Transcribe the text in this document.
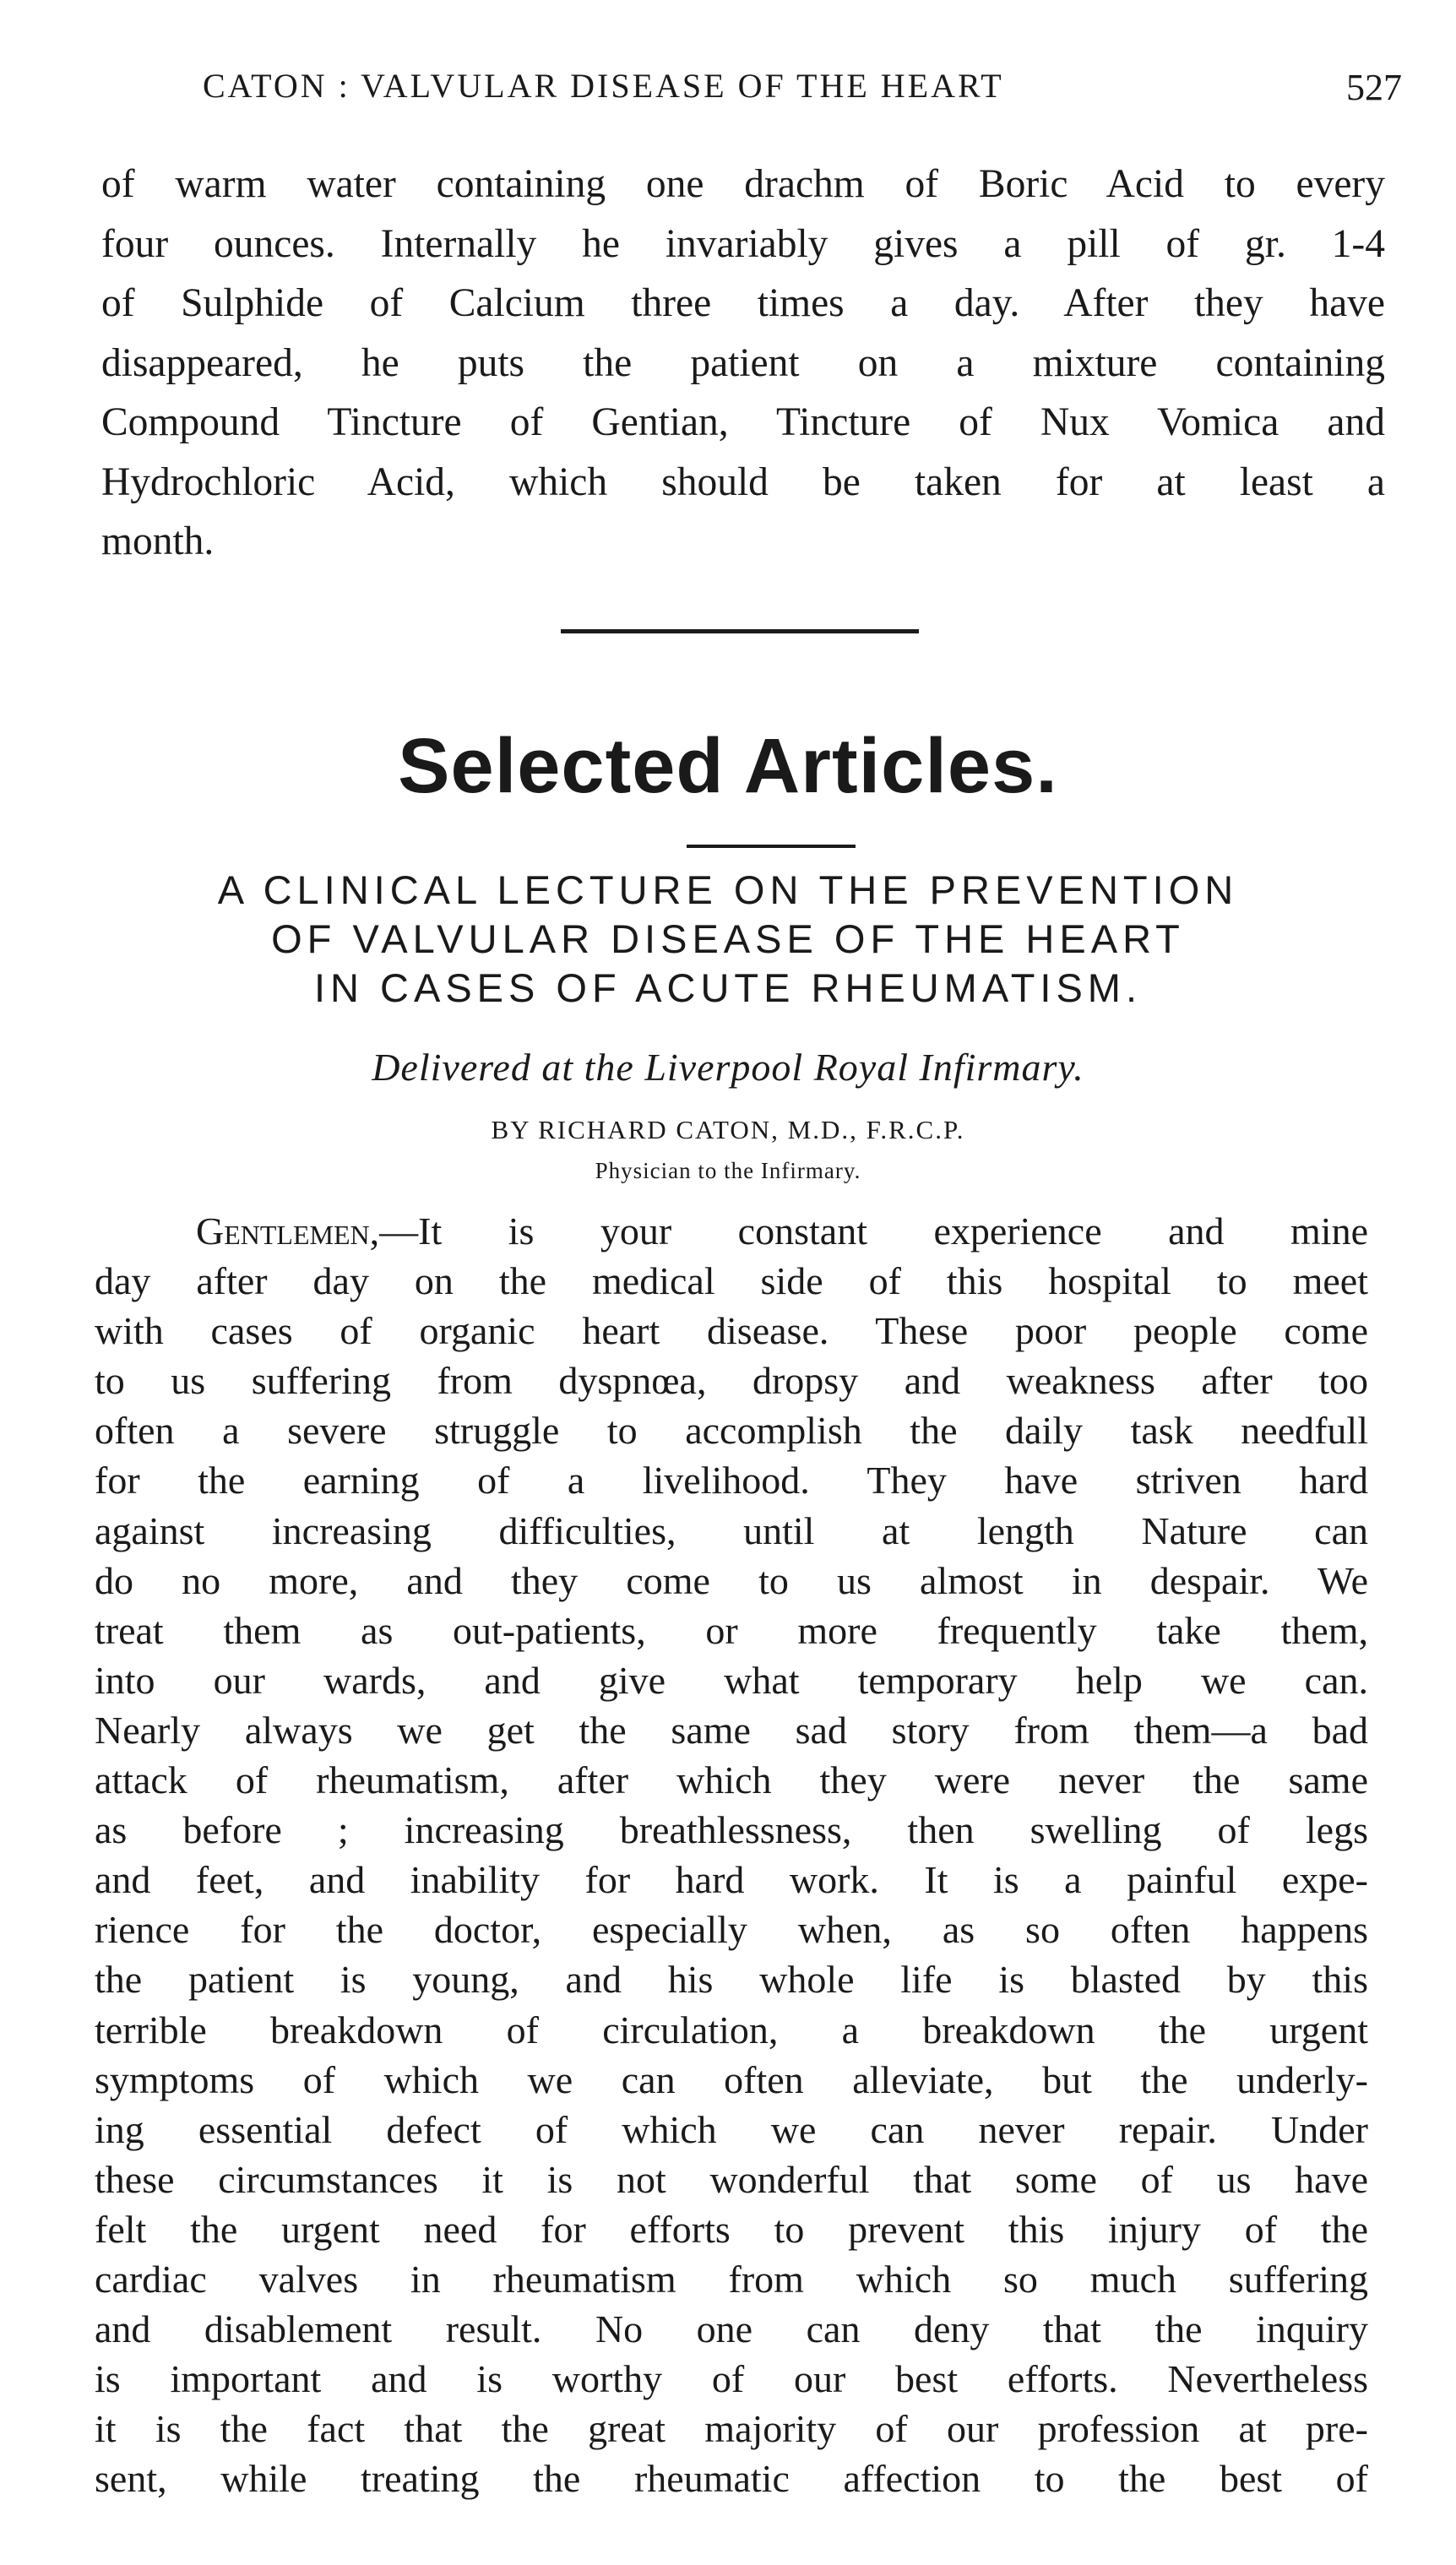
CATON : VALVULAR DISEASE OF THE HEART	527

of warm water containing one drachm of Boric Acid to every
four ounces. Internally he invariably gives a pill of gr. 1-4
of Sulphide of Calcium three times a day. After they have
disappeared, he puts the patient on a mixture containing
Compound Tincture of Gentian, Tincture of Nux Vomica and
Hydrochloric Acid, which should be taken for at least a
month.

Selected Articles.
A CLINICAL LECTURE ON THE PREVENTION
OF VALVULAR DISEASE OF THE HEART
IN CASES OF ACUTE RHEUMATISM.
Delivered at the Liverpool Royal Infirmary.
BY RICHARD CATON, M.D., F.R.C.P.
Physician to the Infirmary.

Gentlemen,—It is your constant experience and mine
day after day on the medical side of this hospital to meet
with cases of organic heart disease. These poor people come
to us suffering from dyspnœa, dropsy and weakness after too
often a severe struggle to accomplish the daily task needfull
for the earning of a livelihood. They have striven hard
against increasing difficulties, until at length Nature can
do no more, and they come to us almost in despair. We
treat them as out-patients, or more frequently take them,
into our wards, and give what temporary help we can.
Nearly always we get the same sad story from them—a bad
attack of rheumatism, after which they were never the same
as before ; increasing breathlessness, then swelling of legs
and feet, and inability for hard work. It is a painful expe-
rience for the doctor, especially when, as so often happens
the patient is young, and his whole life is blasted by this
terrible breakdown of circulation, a breakdown the urgent
symptoms of which we can often alleviate, but the underly-
ing essential defect of which we can never repair. Under
these circumstances it is not wonderful that some of us have
felt the urgent need for efforts to prevent this injury of the
cardiac valves in rheumatism from which so much suffering
and disablement result. No one can deny that the inquiry
is important and is worthy of our best efforts. Nevertheless
it is the fact that the great majority of our profession at pre-
sent, while treating the rheumatic affection to the best of
